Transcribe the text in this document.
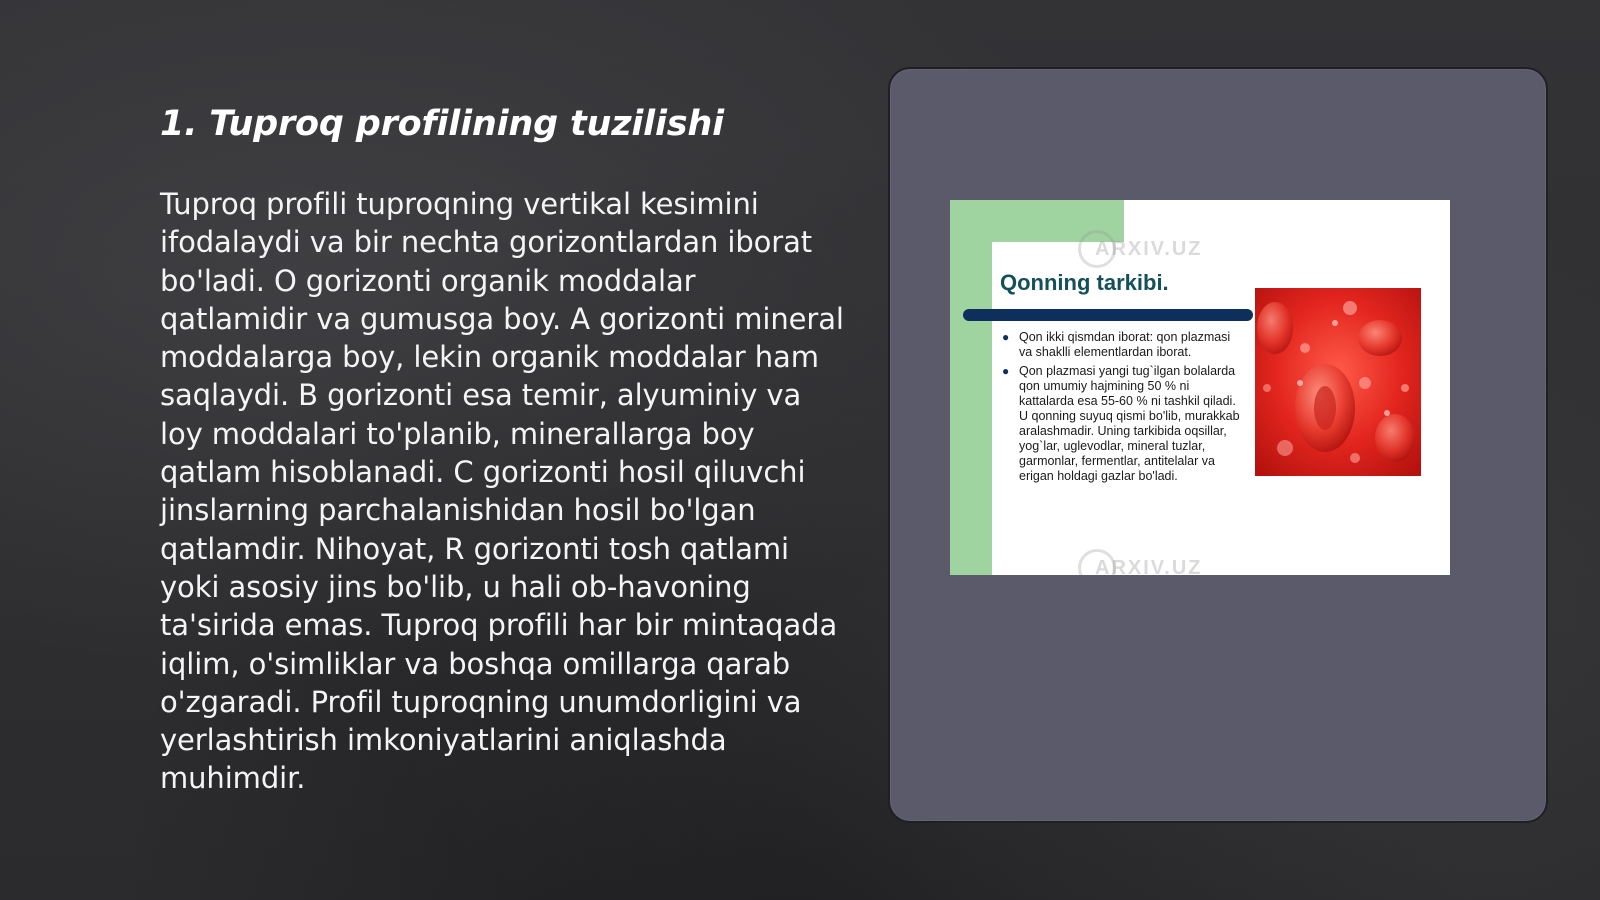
1. Tuproq profilining tuzilishi

Tuproq profili tuproqning vertikal kesimini ifodalaydi va bir nechta gorizontlardan iborat bo'ladi. O gorizonti organik moddalar qatlamidir va gumusga boy. A gorizonti mineral moddalarga boy, lekin organik moddalar ham saqlaydi. B gorizonti esa temir, alyuminiy va loy moddalari to'planib, minerallarga boy qatlam hisoblanadi. C gorizonti hosil qiluvchi jinslarning parchalanishidan hosil bo'lgan qatlamdir. Nihoyat, R gorizonti tosh qatlami yoki asosiy jins bo'lib, u hali ob-havoning ta'sirida emas. Tuproq profili har bir mintaqada iqlim, o'simliklar va boshqa omillarga qarab o'zgaradi. Profil tuproqning unumdorligini va yerlashtirish imkoniyatlarini aniqlashda muhimdir.

ARXIV.UZ
Qonning tarkibi.
● Qon ikki qismdan iborat: qon plazmasi va shaklli elementlardan iborat.
● Qon plazmasi yangi tug`ilgan bolalarda qon umumiy hajmining 50 % ni kattalarda esa 55-60 % ni tashkil qiladi. U qonning suyuq qismi bo'lib, murakkab aralashmadir. Uning tarkibida oqsillar, yog`lar, uglevodlar, mineral tuzlar, garmonlar, fermentlar, antitelalar va erigan holdagi gazlar bo'ladi.
ARXIV.UZ
